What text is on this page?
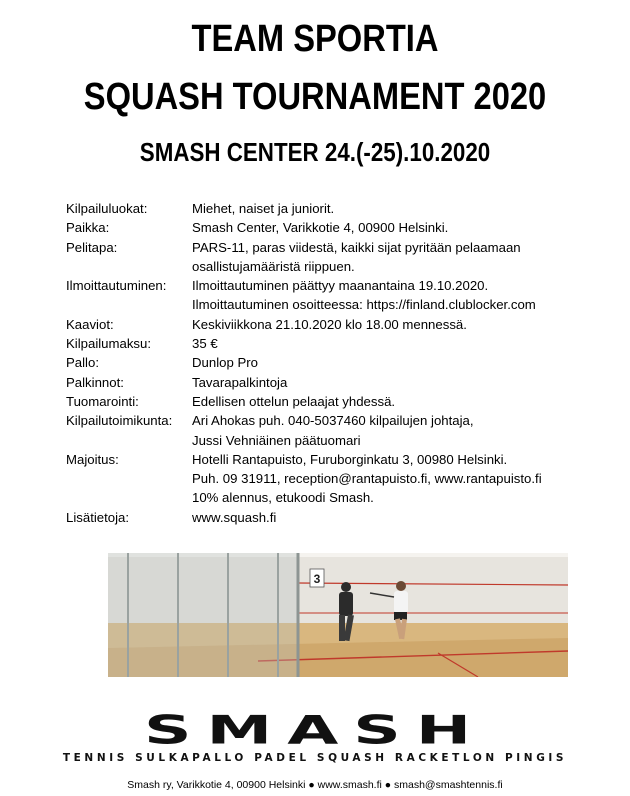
TEAM SPORTIA
SQUASH TOURNAMENT 2020
SMASH CENTER 24.(-25).10.2020
Kilpailuluokat:	Miehet, naiset ja juniorit.
Paikka:	Smash Center, Varikkotie 4, 00900 Helsinki.
Pelitapa:	PARS-11, paras viidestä, kaikki sijat pyritään pelaamaan
osallistujamääristä riippuen.
Ilmoittautuminen:	Ilmoittautuminen päättyy maanantaina 19.10.2020.
Ilmoittautuminen osoitteessa: https://finland.clublocker.com
Kaaviot:	Keskiviikkona 21.10.2020 klo 18.00 mennessä.
Kilpailumaksu:	35 €
Pallo:	Dunlop Pro
Palkinnot:	Tavarapalkintoja
Tuomarointi:	Edellisen ottelun pelaajat yhdessä.
Kilpailutoimikunta:	Ari Ahokas puh. 040-5037460 kilpailujen johtaja,
Jussi Vehniäinen päätuomari
Majoitus:	Hotelli Rantapuisto, Furuborginkatu 3, 00980 Helsinki.
Puh. 09 31911, reception@rantapuisto.fi, www.rantapuisto.fi
10% alennus, etukoodi Smash.
Lisätietoja:	www.squash.fi
3
SMASH
TENNIS SULKAPALLO PADEL SQUASH RACKETLON PINGIS
Smash ry, Varikkotie 4, 00900 Helsinki ● www.smash.fi ● smash@smashtennis.fi
